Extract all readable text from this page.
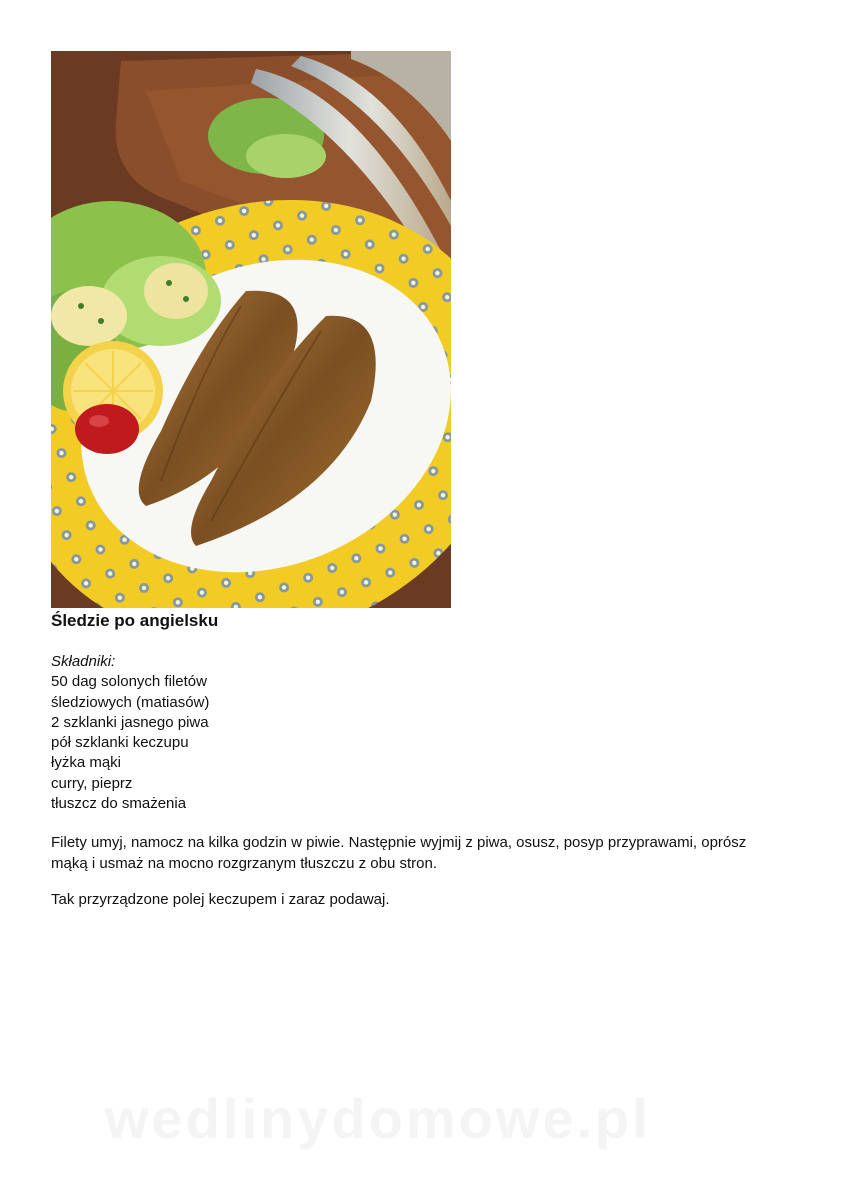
Śledzie po angielsku
Składniki:
50 dag solonych filetów
śledziowych (matiasów)
2 szklanki jasnego piwa
pół szklanki keczupu
łyżka mąki
curry, pieprz
tłuszcz do smażenia

Filety umyj, namocz na kilka godzin w piwie. Następnie wyjmij z piwa, osusz, posyp przyprawami, oprósz mąką i usmaż na mocno rozgrzanym tłuszczu z obu stron.

Tak przyrządzone polej keczupem i zaraz podawaj.

wedlinydomowe.pl
